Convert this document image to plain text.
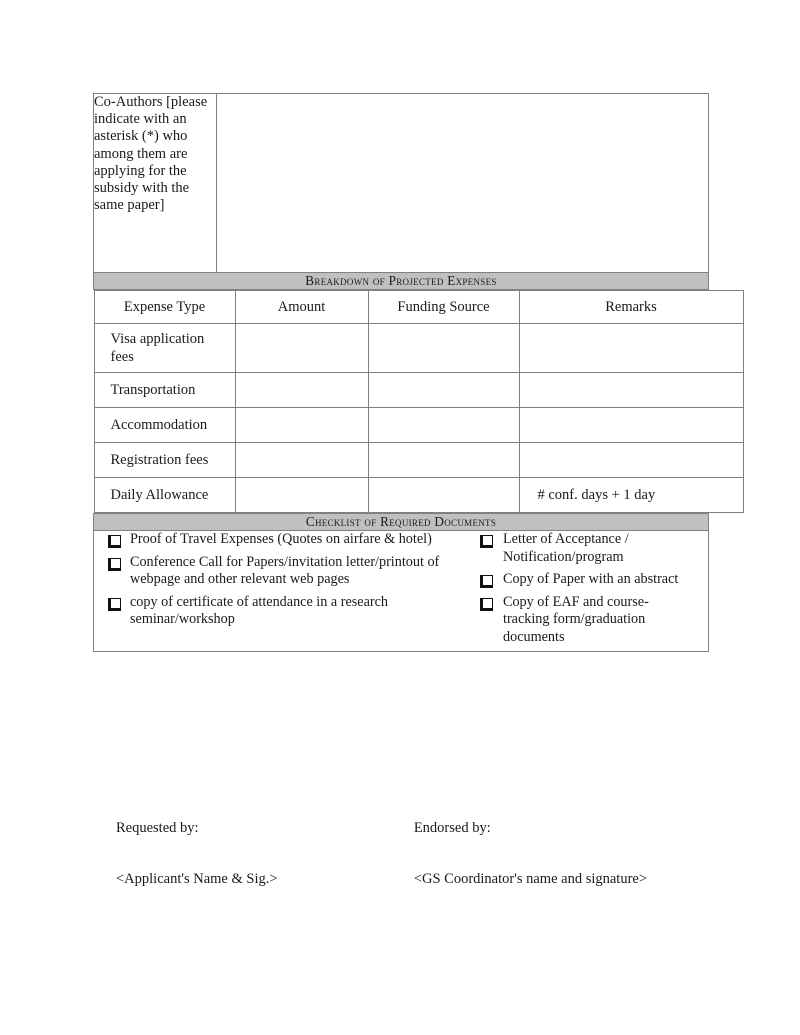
Co-Authors [please indicate with an asterisk (*) who among them are applying for the subsidy with the same paper]	
Breakdown of Projected Expenses

Expense Type	Amount	Funding Source	Remarks
Visa application fees			
Transportation			
Accommodation			
Registration fees			
Daily Allowance			# conf. days + 1 day

Checklist of Required Documents

Proof of Travel Expenses (Quotes on airfare & hotel)
Conference Call for Papers/invitation letter/printout of webpage and other relevant web pages
copy of certificate of attendance in a research seminar/workshop
Letter of Acceptance / Notification/program
Copy of Paper with an abstract
Copy of EAF and course-tracking form/graduation documents
Requested by:	Endorsed by:
<Applicant's Name & Sig.>	<GS Coordinator's name and signature>
